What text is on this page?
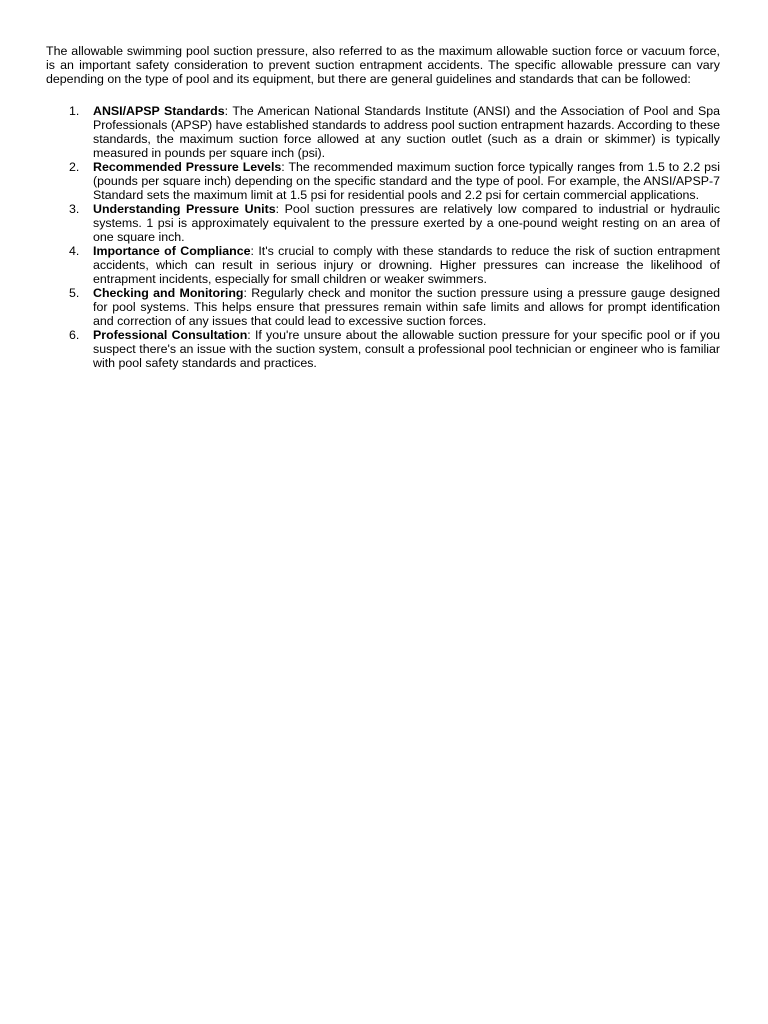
The allowable swimming pool suction pressure, also referred to as the maximum allowable suction force or vacuum force, is an important safety consideration to prevent suction entrapment accidents. The specific allowable pressure can vary depending on the type of pool and its equipment, but there are general guidelines and standards that can be followed:

1. ANSI/APSP Standards: The American National Standards Institute (ANSI) and the Association of Pool and Spa Professionals (APSP) have established standards to address pool suction entrapment hazards. According to these standards, the maximum suction force allowed at any suction outlet (such as a drain or skimmer) is typically measured in pounds per square inch (psi).
2. Recommended Pressure Levels: The recommended maximum suction force typically ranges from 1.5 to 2.2 psi (pounds per square inch) depending on the specific standard and the type of pool. For example, the ANSI/APSP-7 Standard sets the maximum limit at 1.5 psi for residential pools and 2.2 psi for certain commercial applications.
3. Understanding Pressure Units: Pool suction pressures are relatively low compared to industrial or hydraulic systems. 1 psi is approximately equivalent to the pressure exerted by a one-pound weight resting on an area of one square inch.
4. Importance of Compliance: It's crucial to comply with these standards to reduce the risk of suction entrapment accidents, which can result in serious injury or drowning. Higher pressures can increase the likelihood of entrapment incidents, especially for small children or weaker swimmers.
5. Checking and Monitoring: Regularly check and monitor the suction pressure using a pressure gauge designed for pool systems. This helps ensure that pressures remain within safe limits and allows for prompt identification and correction of any issues that could lead to excessive suction forces.
6. Professional Consultation: If you're unsure about the allowable suction pressure for your specific pool or if you suspect there's an issue with the suction system, consult a professional pool technician or engineer who is familiar with pool safety standards and practices.
